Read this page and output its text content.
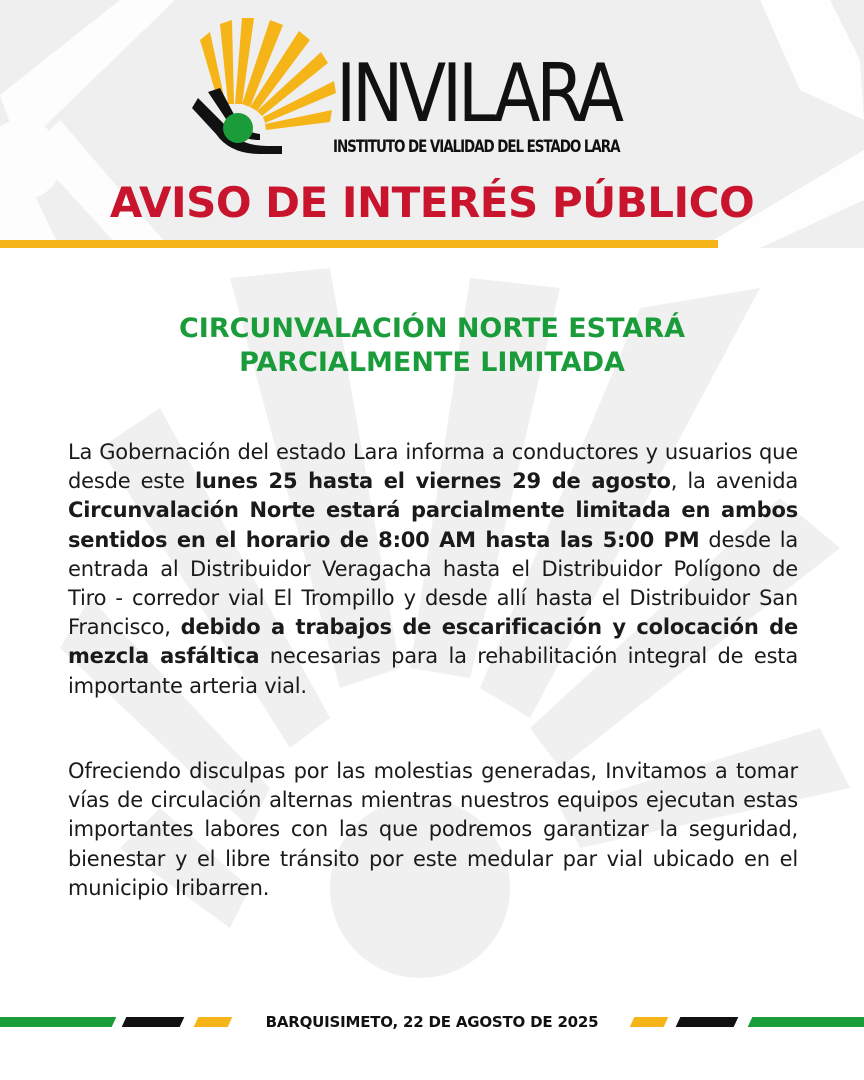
INVILARA
INSTITUTO DE VIALIDAD DEL ESTADO LARA
AVISO DE INTERÉS PÚBLICO
CIRCUNVALACIÓN NORTE ESTARÁ PARCIALMENTE LIMITADA

La Gobernación del estado Lara informa a conductores y usuarios que desde este lunes 25 hasta el viernes 29 de agosto, la avenida Circunvalación Norte estará parcialmente limitada en ambos sentidos en el horario de 8:00 AM hasta las 5:00 PM desde la entrada al Distribuidor Veragacha hasta el Distribuidor Polígono de Tiro - corredor vial El Trompillo y desde allí hasta el Distribuidor San Francisco, debido a trabajos de escarificación y colocación de mezcla asfáltica necesarias para la rehabilitación integral de esta importante arteria vial.

Ofreciendo disculpas por las molestias generadas, Invitamos a tomar vías de circulación alternas mientras nuestros equipos ejecutan estas importantes labores con las que podremos garantizar la seguridad, bienestar y el libre tránsito por este medular par vial ubicado en el municipio Iribarren.

BARQUISIMETO, 22 DE AGOSTO DE 2025
